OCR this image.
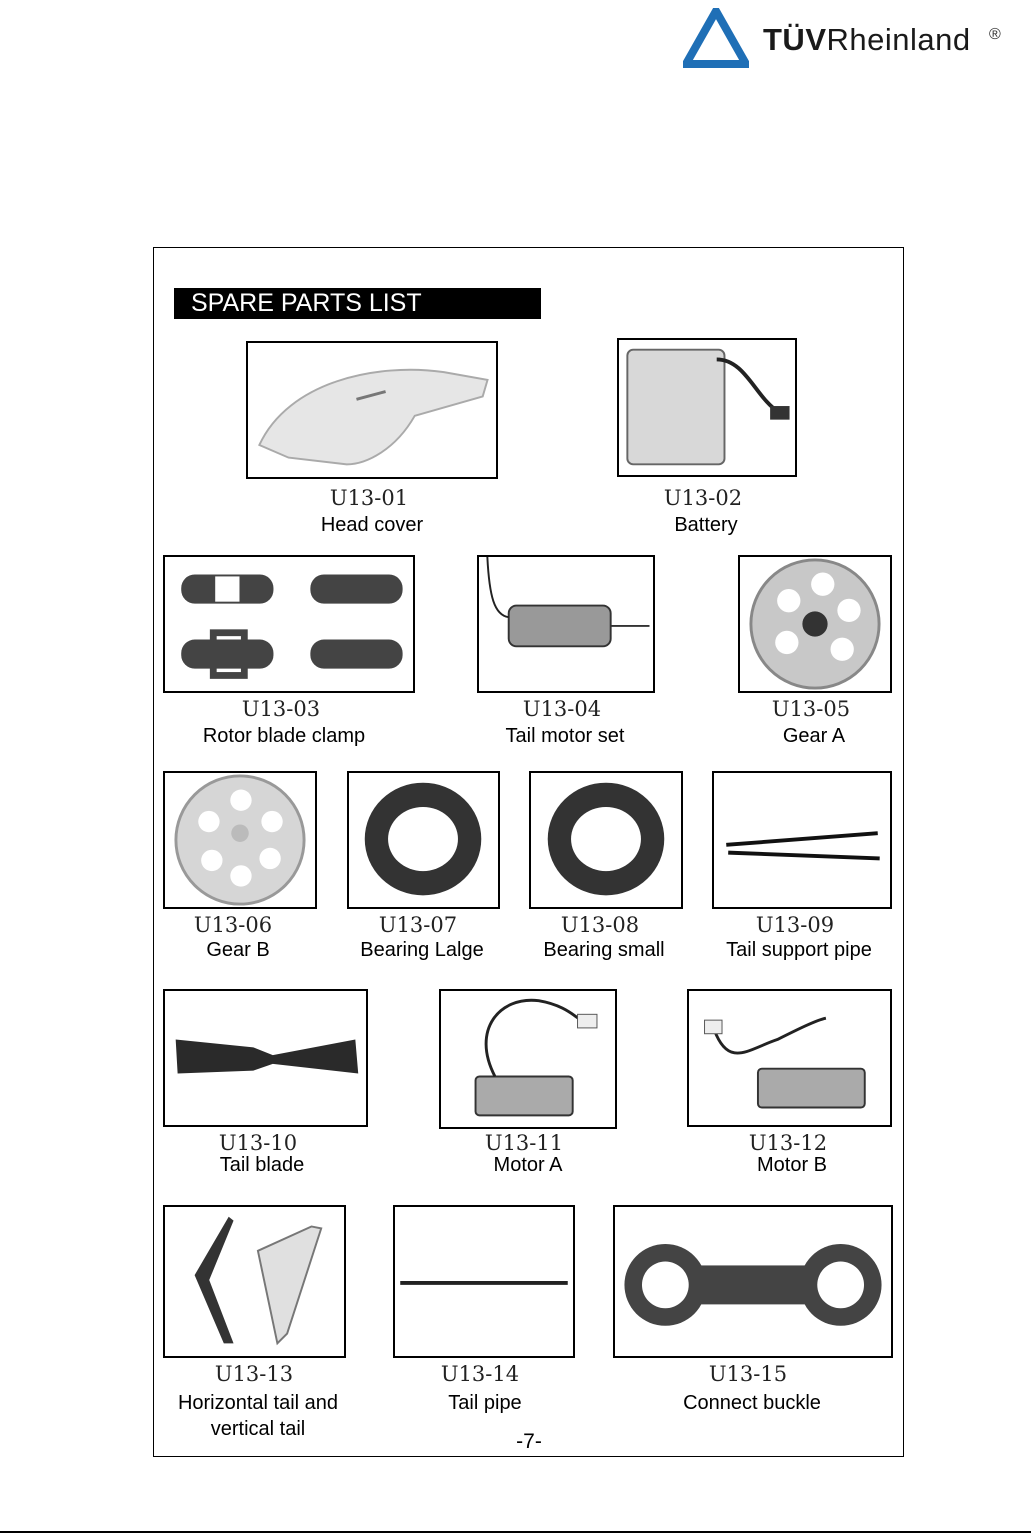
TÜVRheinland ®
SPARE PARTS LIST
U13-01
Head cover
U13-02
Battery
U13-03
Rotor blade clamp
U13-04
Tail motor set
U13-05
Gear A
U13-06
Gear B
U13-07
Bearing Lalge
U13-08
Bearing small
U13-09
Tail support pipe
U13-10
Tail blade
U13-11
Motor A
U13-12
Motor B
U13-13
Horizontal tail and
vertical tail
U13-14
Tail pipe
U13-15
Connect buckle
-7-
